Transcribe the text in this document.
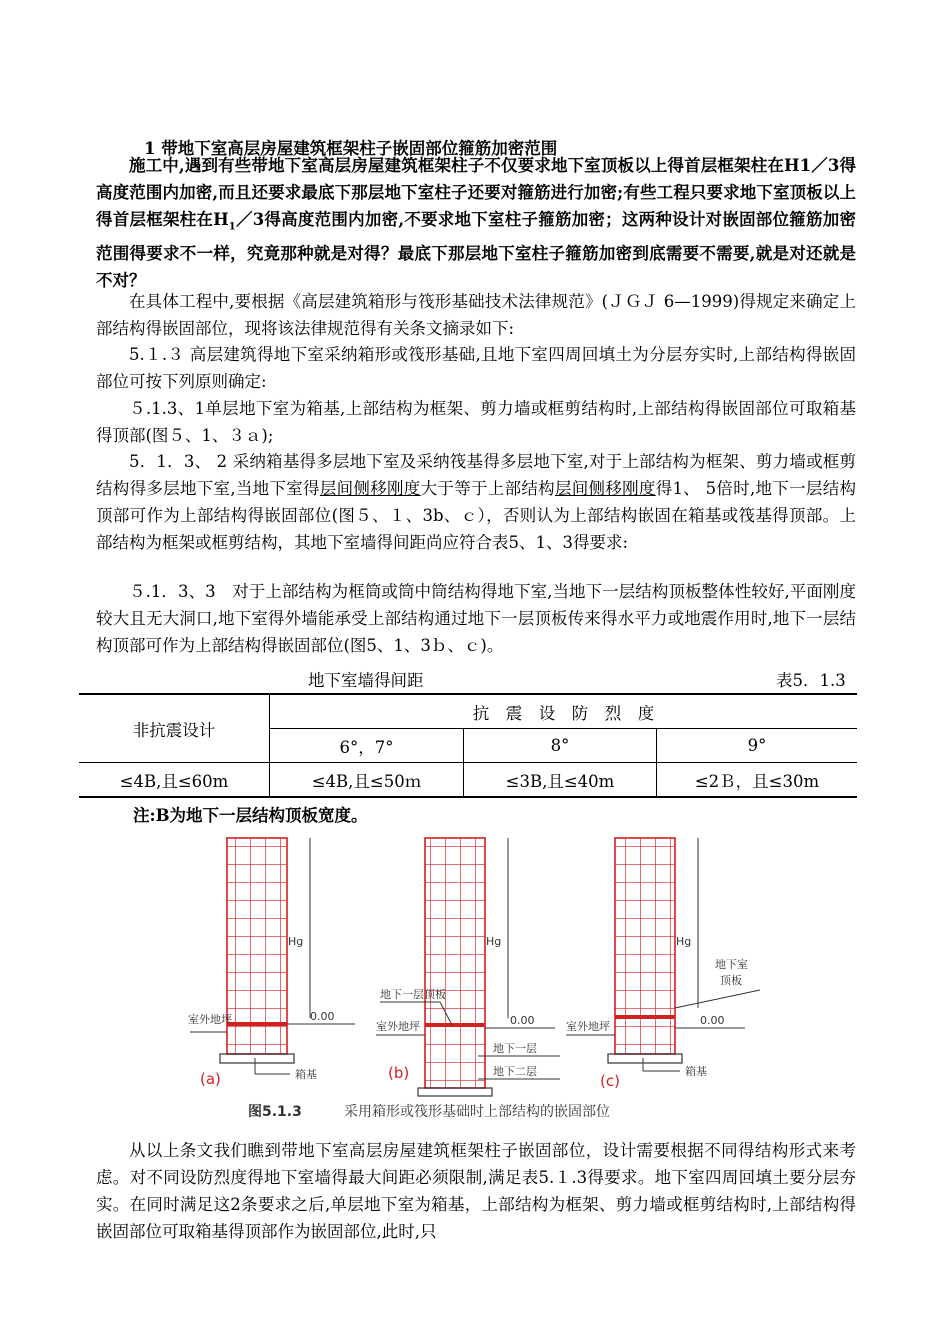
1 带地下室高层房屋建筑框架柱子嵌固部位箍筋加密范围
施工中,遇到有些带地下室高层房屋建筑框架柱子不仅要求地下室顶板以上得首层框架柱在H1／3得高度范围内加密,而且还要求最底下那层地下室柱子还要对箍筋进行加密;有些工程只要求地下室顶板以上得首层框架柱在$H_1/3$得高度范围内加密,不要求地下室柱子箍筋加密；这两种设计对嵌固部位箍筋加密范围得要求不一样，究竟那种就是对得？最底下那层地下室柱子箍筋加密到底需要不需要,就是对还就是不对？
在具体工程中,要根据《高层建筑箱形与筏形基础技术法律规范》(ＪＧＪ 6—1999)得规定来确定上部结构得嵌固部位，现将该法律规范得有关条文摘录如下:
5.１.３ 高层建筑得地下室采纳箱形或筏形基础,且地下室四周回填土为分层夯实时,上部结构得嵌固部位可按下列原则确定:
５.1.3、1单层地下室为箱基,上部结构为框架、剪力墙或框剪结构时,上部结构得嵌固部位可取箱基得顶部(图５、1、３ａ);
5．1．3、 2 采纳箱基得多层地下室及采纳筏基得多层地下室,对于上部结构为框架、剪力墙或框剪结构得多层地下室,当地下室得层间侧移刚度大于等于上部结构层间侧移刚度得1、 5倍时,地下一层结构顶部可作为上部结构得嵌固部位(图５、１、3b、ｃ），否则认为上部结构嵌固在箱基或筏基得顶部。上部结构为框架或框剪结构，其地下室墙得间距尚应符合表5、1、3得要求:
５.1．3、3　对于上部结构为框筒或筒中筒结构得地下室,当地下一层结构顶板整体性较好,平面刚度较大且无大洞口,地下室得外墙能承受上部结构通过地下一层顶板传来得水平力或地震作用时,地下一层结构顶部可作为上部结构得嵌固部位(图5、1、3ｂ、ｃ)。
地下室墙得间距	表5．1.3
非抗震设计	抗　震　设　防　烈　度		
	6°，7°	8°	9°
≤4B,且≤60m	≤4B,且≤50ｍ	≤3B,且≤40m	≤2Ｂ，且≤30m
注:B为地下一层结构顶板宽度。
从以上条文我们瞧到带地下室高层房屋建筑框架柱子嵌固部位，设计需要根据不同得结构形式来考虑。对不同设防烈度得地下室墙得最大间距必须限制,满足表5.１.3得要求。地下室四周回填土要分层夯实。在同时满足这2条要求之后,单层地下室为箱基，上部结构为框架、剪力墙或框剪结构时,上部结构得嵌固部位可取箱基得顶部作为嵌固部位,此时,只
Hg
室外地坪	0.00
箱基
(a)
Hg
地下一层顶板
室外地坪	0.00
地下一层
地下二层
(b)
Hg
地下室
顶板
室外地坪	0.00
箱基
(c)
图5.1.3	采用箱形或筏形基础时上部结构的嵌固部位
